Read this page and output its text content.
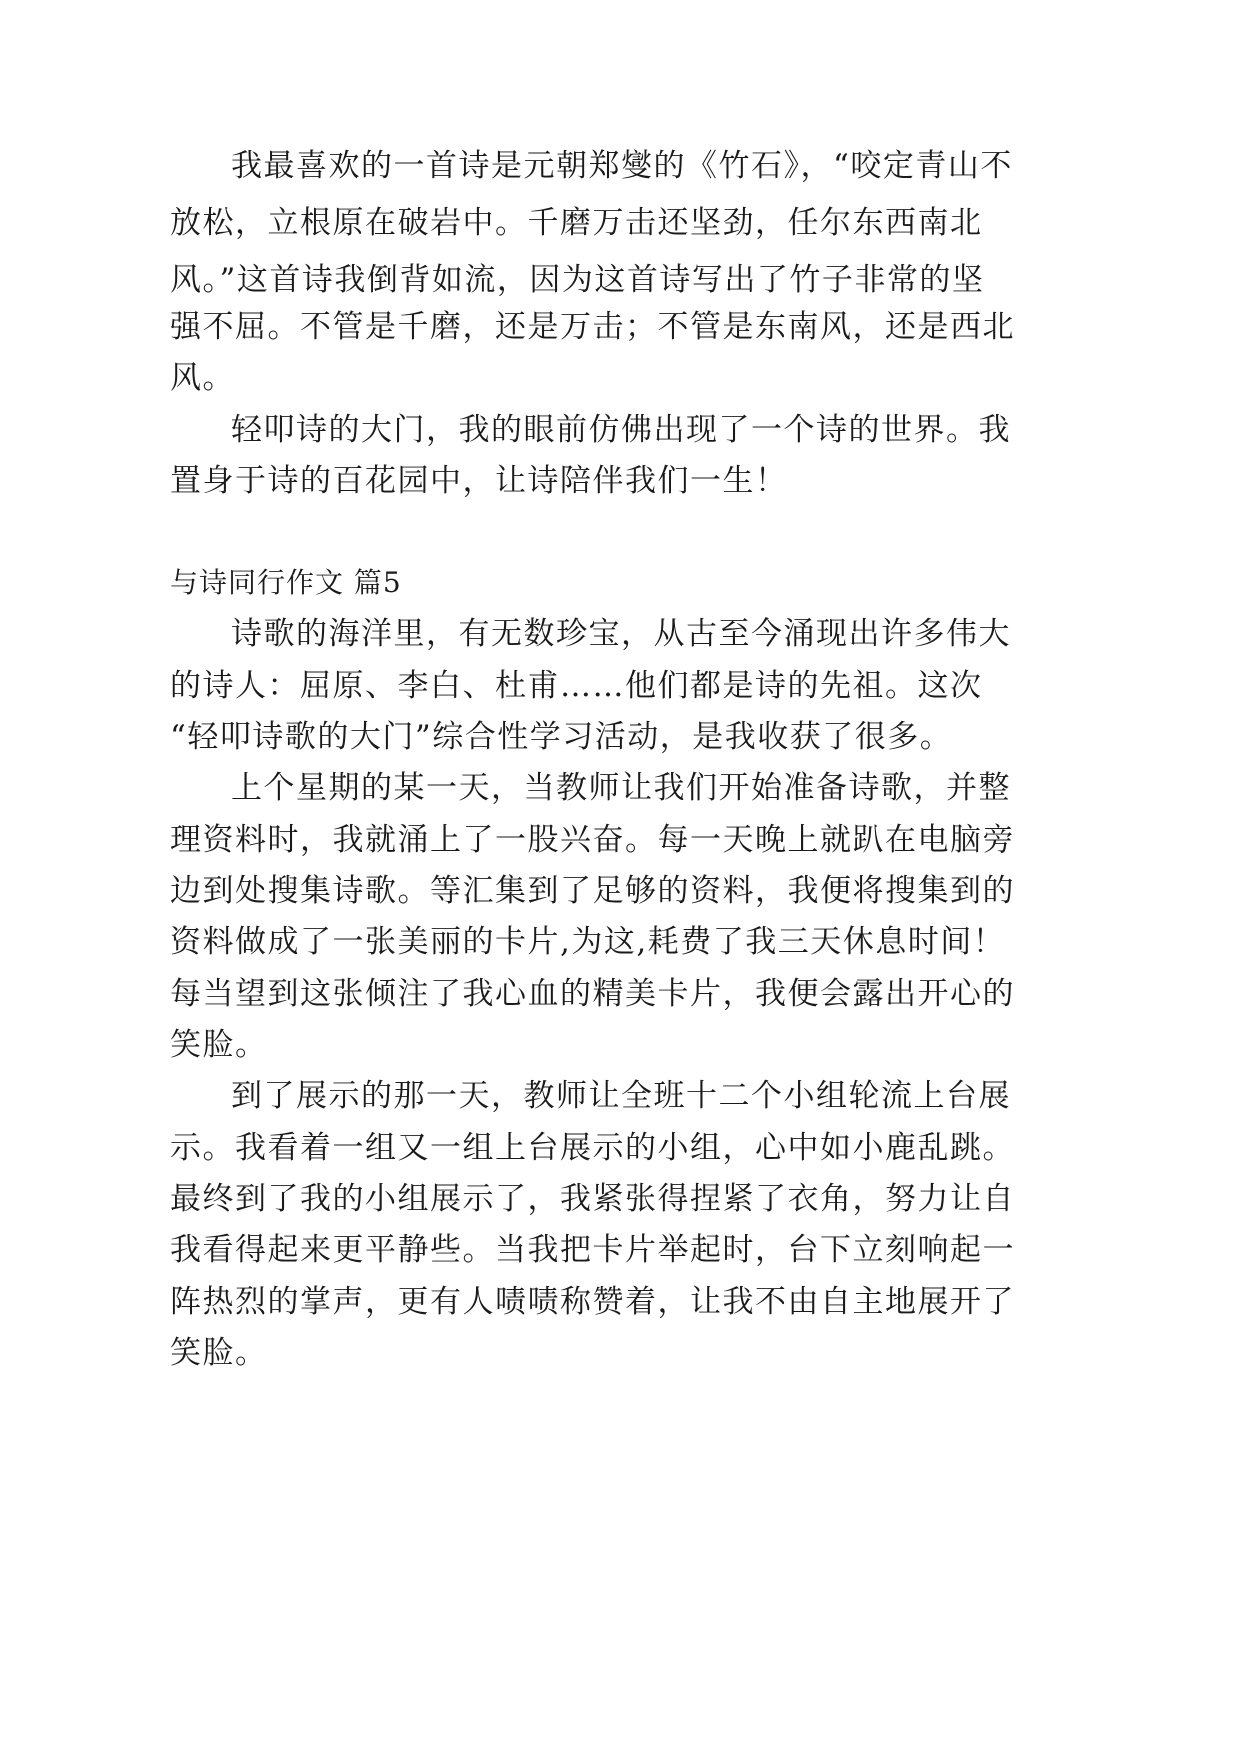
我最喜欢的一首诗是元朝郑燮的《竹石》，“咬定青山不
放松，立根原在破岩中。千磨万击还坚劲，任尔东西南北
风。”这首诗我倒背如流，因为这首诗写出了竹子非常的坚
强不屈。不管是千磨，还是万击；不管是东南风，还是西北
风。
轻叩诗的大门，我的眼前仿佛出现了一个诗的世界。我
置身于诗的百花园中，让诗陪伴我们一生！
与诗同行作文 篇5
诗歌的海洋里，有无数珍宝，从古至今涌现出许多伟大
的诗人：屈原、李白、杜甫……他们都是诗的先祖。这次
“轻叩诗歌的大门”综合性学习活动，是我收获了很多。
上个星期的某一天，当教师让我们开始准备诗歌，并整
理资料时，我就涌上了一股兴奋。每一天晚上就趴在电脑旁
边到处搜集诗歌。等汇集到了足够的资料，我便将搜集到的
资料做成了一张美丽的卡片,为这,耗费了我三天休息时间！
每当望到这张倾注了我心血的精美卡片，我便会露出开心的
笑脸。
到了展示的那一天，教师让全班十二个小组轮流上台展
示。我看着一组又一组上台展示的小组，心中如小鹿乱跳。
最终到了我的小组展示了，我紧张得捏紧了衣角，努力让自
我看得起来更平静些。当我把卡片举起时，台下立刻响起一
阵热烈的掌声，更有人啧啧称赞着，让我不由自主地展开了
笑脸。
